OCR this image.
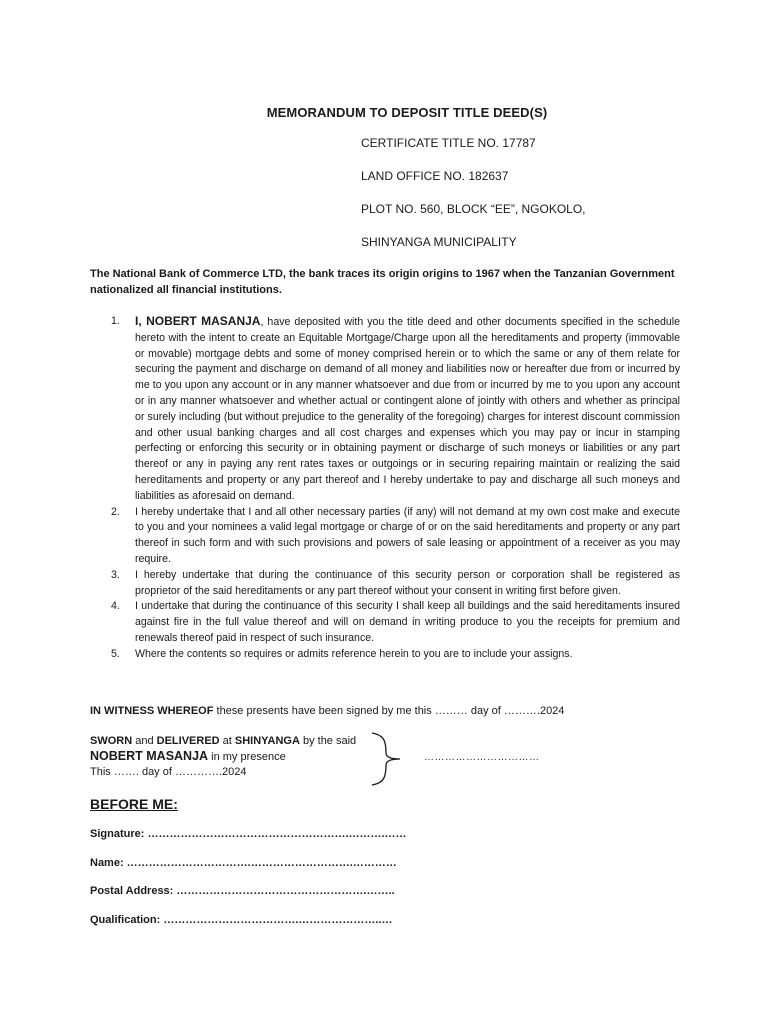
MEMORANDUM TO DEPOSIT TITLE DEED(S)
CERTIFICATE TITLE NO. 17787
LAND OFFICE NO. 182637
PLOT NO. 560, BLOCK “EE”, NGOKOLO,
SHINYANGA MUNICIPALITY
The National Bank of Commerce LTD, the bank traces its origin origins to 1967 when the Tanzanian Government nationalized all financial institutions.
1. I, NOBERT MASANJA, have deposited with you the title deed and other documents specified in the schedule hereto with the intent to create an Equitable Mortgage/Charge upon all the hereditaments and property (immovable or movable) mortgage debts and some of money comprised herein or to which the same or any of them relate for securing the payment and discharge on demand of all money and liabilities now or hereafter due from or incurred by me to you upon any account or in any manner whatsoever and due from or incurred by me to you upon any account or in any manner whatsoever and whether actual or contingent alone of jointly with others and whether as principal or surely including (but without prejudice to the generality of the foregoing) charges for interest discount commission and other usual banking charges and all cost charges and expenses which you may pay or incur in stamping perfecting or enforcing this security or in obtaining payment or discharge of such moneys or liabilities or any part thereof or any in paying any rent rates taxes or outgoings or in securing repairing maintain or realizing the said hereditaments and property or any part thereof and I hereby undertake to pay and discharge all such moneys and liabilities as aforesaid on demand.
2. I hereby undertake that I and all other necessary parties (if any) will not demand at my own cost make and execute to you and your nominees a valid legal mortgage or charge of or on the said hereditaments and property or any part thereof in such form and with such provisions and powers of sale leasing or appointment of a receiver as you may require.
3. I hereby undertake that during the continuance of this security person or corporation shall be registered as proprietor of the said hereditaments or any part thereof without your consent in writing first before given.
4. I undertake that during the continuance of this security I shall keep all buildings and the said hereditaments insured against fire in the full value thereof and will on demand in writing produce to you the receipts for premium and renewals thereof paid in respect of such insurance.
5. Where the contents so requires or admits reference herein to you are to include your assigns.
IN WITNESS WHEREOF these presents have been signed by me this ……… day of ……….2024
SWORN and DELIVERED at SHINYANGA by the said
NOBERT MASANJA in my presence
This ……. day of ………….2024
……………………………
BEFORE ME:
Signature: ……………………………………………….……….……
Name: …………………………….……………………….…………
Postal Address: …………………………………………….……..
Qualification: ……………………………….…………………..…
